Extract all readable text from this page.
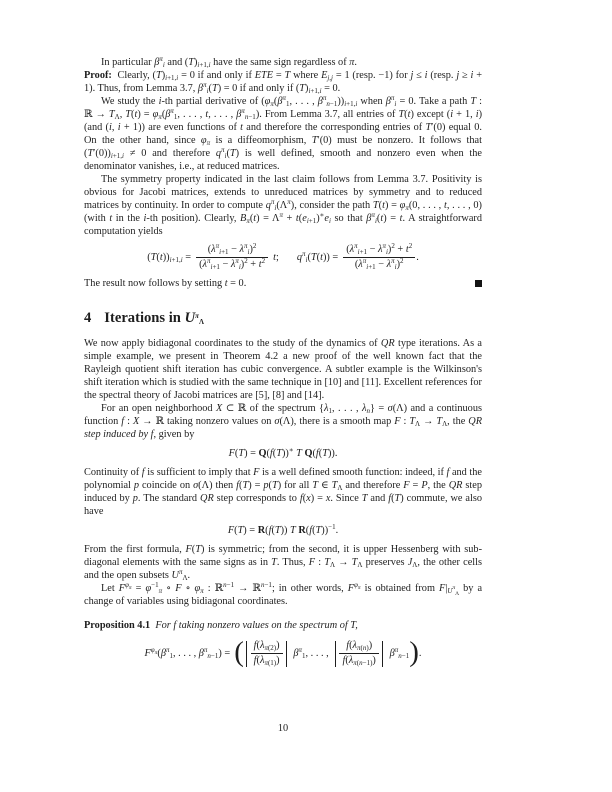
In particular $\beta^\pi_i$ and $(T)_{i+1,i}$ have the same sign regardless of π.

Proof:  Clearly, $(T)_{i+1,i} = 0$ if and only if ETE = T where $E_{j,j} = 1$ (resp. −1) for j ≤ i (resp. j ≥ i + 1). Thus, from Lemma 3.7, $\beta^\pi_i(T) = 0$ if and only if $(T)_{i+1,i} = 0$.

We study the i-th partial derivative of ($\varphi_\pi(\beta^\pi_1$, . . . , $\beta^\pi_{n-1}))_{i+1,i}$ when $\beta^\pi_i = 0$. Take a path T : ℝ → $T_\Lambda$, $T(t) = \varphi_\pi(\beta^\pi_1$, . . . , t, . . . , $\beta^\pi_{n-1}$). From Lemma 3.7, all entries of T(t) except (i + 1, i) (and (i, i + 1)) are even functions of t and therefore the corresponding entries of T′(0) equal 0. On the other hand, since $\varphi_\pi$ is a diffeomorphism, T′(0) must be nonzero. It follows that $(T'(0))_{i+1,i} \ne 0$ and therefore $q^\pi_i(T)$ is well defined, smooth and nonzero even when the denominator vanishes, i.e., at reduced matrices.

The symmetry property indicated in the last claim follows from Lemma 3.7. Positivity is obvious for Jacobi matrices, extends to unreduced matrices by symmetry and to reduced matrices by continuity. In order to compute $q^\pi_i(\Lambda^\pi)$, consider the path $T(t) = \varphi_\pi(0$, . . . , t, . . . , 0) (with t in the i-th position). Clearly, $B_\pi(t) = \Lambda^\pi + t(e_{i+1})^∗e_i$ so that $\beta^\pi_i(t) = t$. A straightforward computation yields

$(T(t))_{i+1,i} = \frac{(\lambda^\pi_{i+1} - \lambda^\pi_i)^2}{(\lambda^\pi_{i+1} - \lambda^\pi_i)^2 + t^2} t$; $q^\pi_i(T(t)) = \frac{(\lambda^\pi_{i+1} - \lambda^\pi_i)^2 + t^2}{(\lambda^\pi_{i+1} - \lambda^\pi_i)^2}$ .

The result now follows by setting t = 0.

4 Iterations in $U^\pi_\Lambda$

We now apply bidiagonal coordinates to the study of the dynamics of QR type iterations. As a simple example, we present in Theorem 4.2 a new proof of the well known fact that the Rayleigh quotient shift iteration has cubic convergence. A subtler example is the Wilkinson's shift iteration which is studied with the same technique in [10] and [11]. Excellent references for the spectral theory of Jacobi matrices are [5], [8] and [14].

For an open neighborhood X ⊂ ℝ of the spectrum {$\lambda_1$, . . . , $\lambda_n\} = \sigma(\Lambda)$ and a continuous function f : X → ℝ taking nonzero values on σ(Λ), there is a smooth map F : $T_\Lambda \to T_\Lambda$, the QR step induced by f, given by

F(T) = Q(f(T))∗ T Q(f(T)).

Continuity of f is sufficient to imply that F is a well defined smooth function: indeed, if f and the polynomial p coincide on σ(Λ) then f(T) = p(T) for all T ∈ $T_\Lambda$ and therefore F = P, the QR step induced by p. The standard QR step corresponds to f(x) = x. Since T and f(T) commute, we also have

F(T) = R(f(T)) T $R(f(T))^{-1}$.

From the first formula, F(T) is symmetric; from the second, it is upper Hessenberg with sub-diagonal elements with the same signs as in T. Thus, F : $T_\Lambda \to T_\Lambda$ preserves $J_\Lambda$, the other cells and the open subsets $U^\pi_\Lambda$.

Let $F^{\varphi_\pi} = \varphi^{-1}_\pi$ ∘ F ∘ $\varphi_\pi$ : ℝ$^{n-1}$ → ℝ$^{n-1}$; in other words, $F^{\varphi_\pi}$ is obtained from $F|_{U^\pi_\Lambda}$ by a change of variables using bidiagonal coordinates.

Proposition 4.1 For f taking nonzero values on the spectrum of T,

$F^{\varphi_\pi}(\beta^\pi_1$, . . . , $\beta^\pi_{n-1}$) = ( $\frac{f(\lambda_{\pi(2)})}{f(\lambda_{\pi(1)})} \beta^\pi_1$, . . . , $\frac{f(\lambda_{\pi(n)})}{f(\lambda_{\pi(n-1)})} \beta^\pi_{n-1}$).
10
